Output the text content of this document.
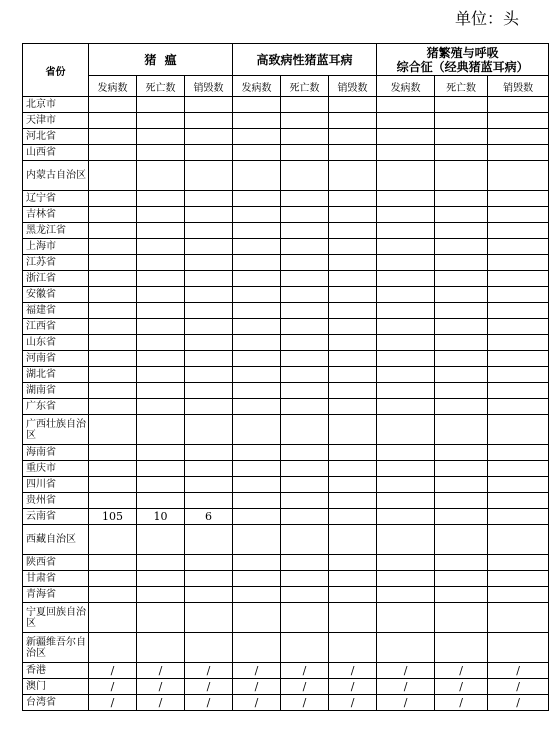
单位：头
省份	猪  瘟			高致病性猪蓝耳病			猪繁殖与呼吸
综合征（经典猪蓝耳病）		
	发病数	死亡数	销毁数	发病数	死亡数	销毁数	发病数	死亡数	销毁数
北京市									
天津市									
河北省									
山西省									
内蒙古自治区									
辽宁省									
吉林省									
黑龙江省									
上海市									
江苏省									
浙江省									
安徽省									
福建省									
江西省									
山东省									
河南省									
湖北省									
湖南省									
广东省									
广西壮族自治区									
海南省									
重庆市									
四川省									
贵州省									
云南省	105	10	6						
西藏自治区									
陕西省									
甘肃省									
青海省									
宁夏回族自治区									
新疆维吾尔自治区									
香港	/	/	/	/	/	/	/	/	/
澳门	/	/	/	/	/	/	/	/	/
台湾省	/	/	/	/	/	/	/	/	/
